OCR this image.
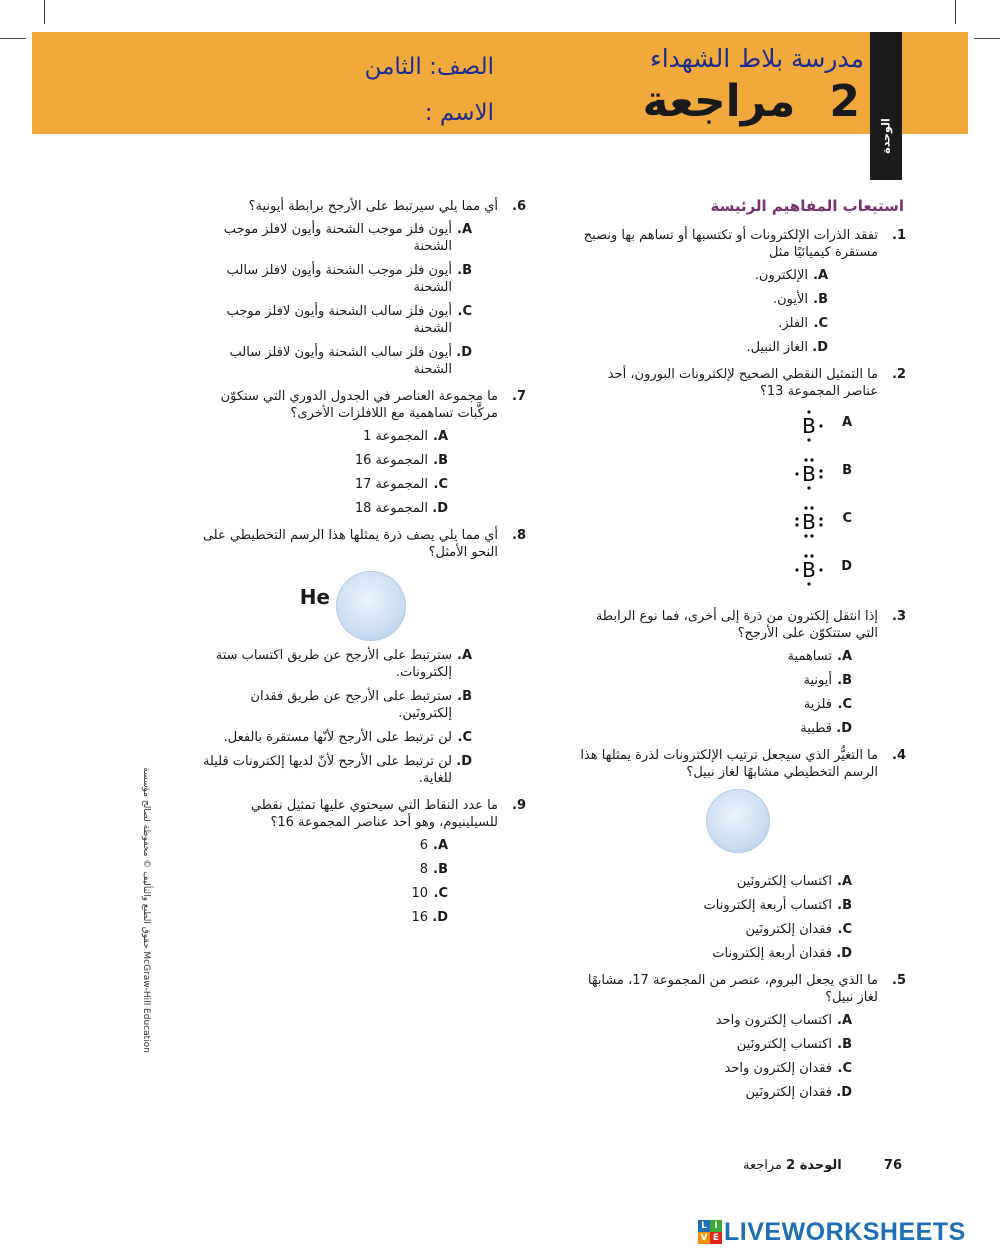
الوحدة
مدرسة بلاط الشهداء
2مراجعة
الصف: الثامن
الاسم :
استيعاب المفاهيم الرئيسة
1.
تفقد الذرات الإلكترونات أو تكتسبها أو تساهم بها ونصبح مستقرة كيميائيًا مثل
A.
الإلكترون.
B.
الأيون.
C.
الفلز.
D.
الغاز النبيل.
2.
ما التمثيل النقطي الصحيح لإلكترونات البورون، أحد عناصر المجموعة 13؟
A
B
B
B
C
B
D
B
3.
إذا انتقل إلكترون من ذرة إلى أخرى، فما نوع الرابطة التي ستتكوّن على الأرجح؟
A.
تساهمية
B.
أيونية
C.
فلزية
D.
قطبية
4.
ما التغيُّر الذي سيجعل ترتيب الإلكترونات لذرة يمثلها هذا الرسم التخطيطي مشابهًا لغاز نبيل؟
A.
اكتساب إلكترونَين
B.
اكتساب أربعة إلكترونات
C.
فقدان إلكترونَين
D.
فقدان أربعة إلكترونات
5.
ما الذي يجعل البروم، عنصر من المجموعة 17، مشابهًا لغاز نبيل؟
A.
اكتساب إلكترون واحد
B.
اكتساب إلكترونَين
C.
فقدان إلكترون واحد
D.
فقدان إلكترونَين
6.
أي مما يلي سيرتبط على الأرجح برابطة أيونية؟
A.
أيون فلز موجب الشحنة وأيون لافلز موجب الشحنة
B.
أيون فلز موجب الشحنة وأيون لافلز سالب الشحنة
C.
أيون فلز سالب الشحنة وأيون لافلز موجب الشحنة
D.
أيون فلز سالب الشحنة وأيون لافلز سالب الشحنة
7.
ما مجموعة العناصر في الجدول الدوري التي ستكوّن مركَّبات تساهمية مع اللافلزات الأخرى؟
A.
المجموعة 1
B.
المجموعة 16
C.
المجموعة 17
D.
المجموعة 18
8.
أي مما يلي يصف ذرة يمثلها هذا الرسم التخطيطي على النحو الأمثل؟
He
A.
سترتبط على الأرجح عن طريق اكتساب ستة إلكترونات.
B.
سترتبط على الأرجح عن طريق فقدان إلكترونَين.
C.
لن ترتبط على الأرجح لأنّها مستقرة بالفعل.
D.
لن ترتبط على الأرجح لأنّ لديها إلكترونات قليلة للغاية.
9.
ما عدد النقاط التي سيحتوي عليها تمثيل نقطي للسيلينيوم، وهو أحد عناصر المجموعة 16؟
A.
6
B.
8
C.
10
D.
16
حقوق الطبع والتأليف © محفوظة لصالح مؤسسة McGraw-Hill Education
76 الوحدة 2 مراجعة
L I
V E LIVEWORKSHEETS
